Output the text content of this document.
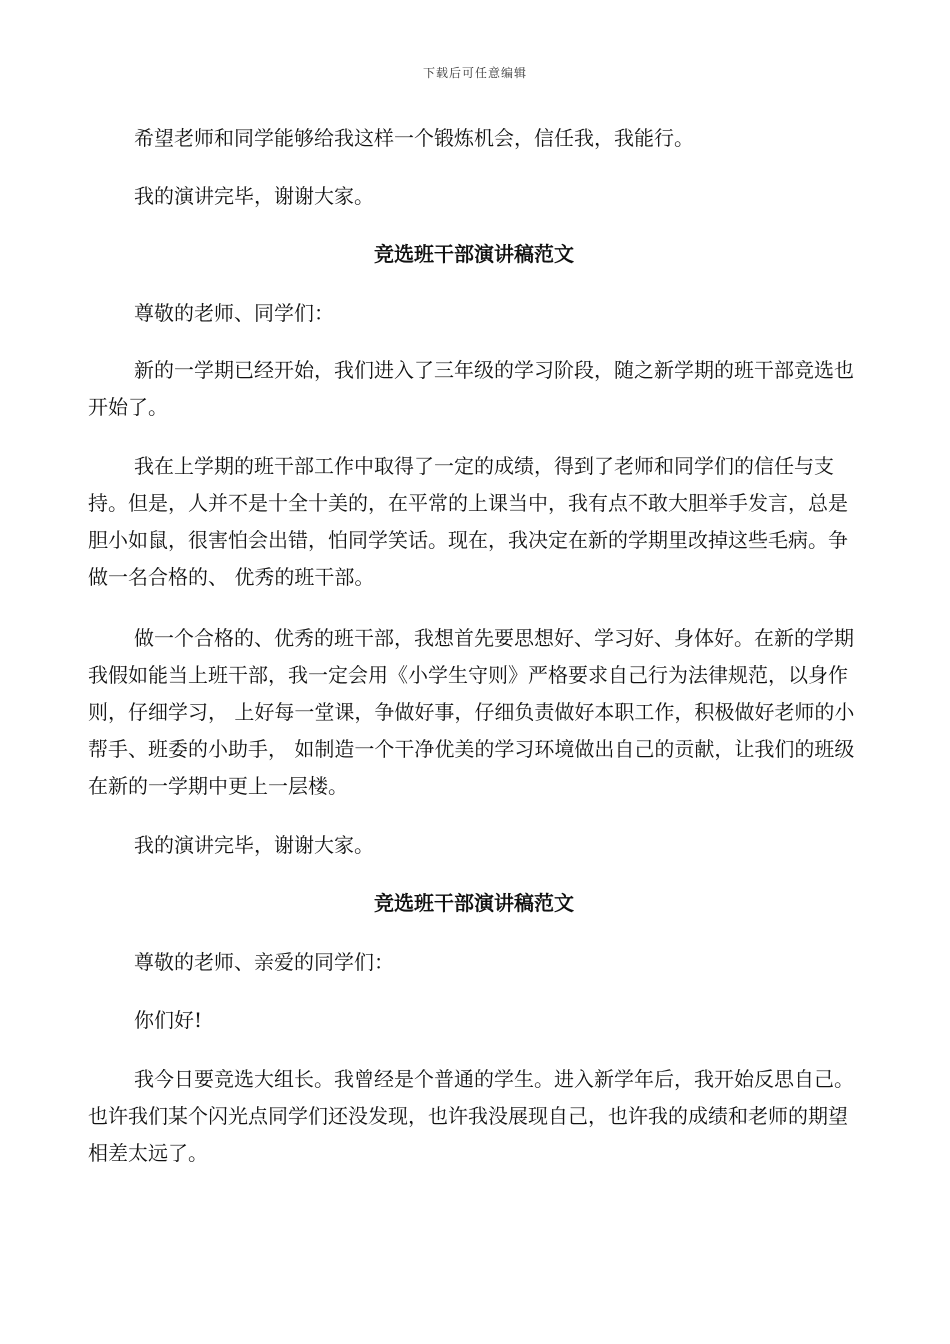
下载后可任意编辑

希望老师和同学能够给我这样一个锻炼机会，信任我，我能行。

我的演讲完毕，谢谢大家。

竞选班干部演讲稿范文

尊敬的老师、同学们：

新的一学期已经开始，我们进入了三年级的学习阶段，随之新学期的班干部竞选也开始了。

我在上学期的班干部工作中取得了一定的成绩，得到了老师和同学们的信任与支持。但是，人并不是十全十美的，在平常的上课当中，我有点不敢大胆举手发言，总是胆小如鼠，很害怕会出错，怕同学笑话。现在，我决定在新的学期里改掉这些毛病。争做一名合格的、 优秀的班干部。

做一个合格的、优秀的班干部，我想首先要思想好、学习好、身体好。在新的学期我假如能当上班干部，我一定会用《小学生守则》严格要求自己行为法律规范，以身作则，仔细学习， 上好每一堂课，争做好事，仔细负责做好本职工作，积极做好老师的小帮手、班委的小助手， 如制造一个干净优美的学习环境做出自己的贡献，让我们的班级在新的一学期中更上一层楼。

我的演讲完毕，谢谢大家。

竞选班干部演讲稿范文

尊敬的老师、亲爱的同学们：

你们好!

我今日要竞选大组长。我曾经是个普通的学生。进入新学年后，我开始反思自己。也许我们某个闪光点同学们还没发现，也许我没展现自己，也许我的成绩和老师的期望相差太远了。
